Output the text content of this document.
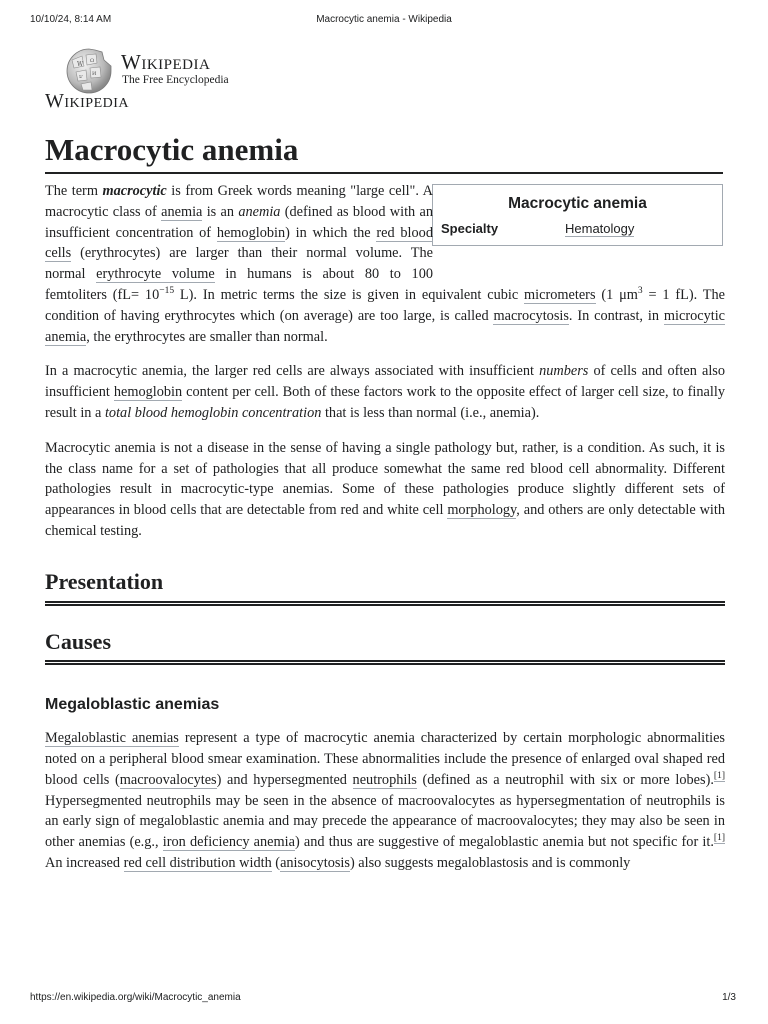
10/10/24, 8:14 AM	Macrocytic anemia - Wikipedia
W Ω
И
ש
Wikipedia
The Free Encyclopedia
Wikipedia
Macrocytic anemia
Macrocytic anemia
Specialty	Hematology

The term macrocytic is from Greek words meaning "large cell". A macrocytic class of anemia is an anemia (defined as blood with an insufficient concentration of hemoglobin) in which the red blood cells (erythrocytes) are larger than their normal volume. The normal erythrocyte volume in humans is about 80 to 100 femtoliters ($fL= 10^{-15}$ L). In metric terms the size is given in equivalent cubic micrometers (1 $\mu m^3 = 1$ fL). The condition of having erythrocytes which (on average) are too large, is called macrocytosis. In contrast, in microcytic anemia, the erythrocytes are smaller than normal.

In a macrocytic anemia, the larger red cells are always associated with insufficient numbers of cells and often also insufficient hemoglobin content per cell. Both of these factors work to the opposite effect of larger cell size, to finally result in a total blood hemoglobin concentration that is less than normal (i.e., anemia).

Macrocytic anemia is not a disease in the sense of having a single pathology but, rather, is a condition. As such, it is the class name for a set of pathologies that all produce somewhat the same red blood cell abnormality. Different pathologies result in macrocytic-type anemias. Some of these pathologies produce slightly different sets of appearances in blood cells that are detectable from red and white cell morphology, and others are only detectable with chemical testing.

Presentation
Causes
Megaloblastic anemias

Megaloblastic anemias represent a type of macrocytic anemia characterized by certain morphologic abnormalities noted on a peripheral blood smear examination. These abnormalities include the presence of enlarged oval shaped red blood cells (macroovalocytes) and hypersegmented neutrophils (defined as a neutrophil with six or more lobes).[1] Hypersegmented neutrophils may be seen in the absence of macroovalocytes as hypersegmentation of neutrophils is an early sign of megaloblastic anemia and may precede the appearance of macroovalocytes; they may also be seen in other anemias (e.g., iron deficiency anemia) and thus are suggestive of megaloblastic anemia but not specific for it.[1] An increased red cell distribution width (anisocytosis) also suggests megaloblastosis and is commonly

https://en.wikipedia.org/wiki/Macrocytic_anemia	1/3
